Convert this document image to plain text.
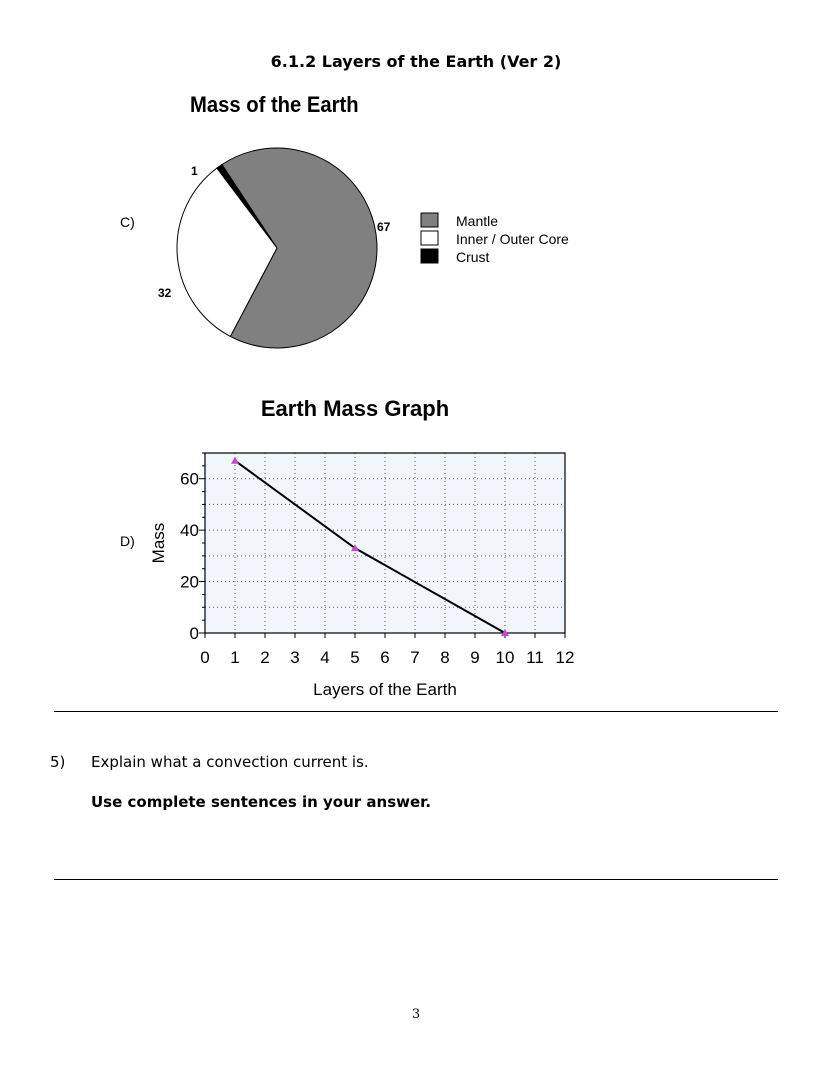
6.1.2 Layers of the Earth (Ver 2)
C)
Mass of the Earth
67
32
1
Mantle
Inner / Outer Core
Crust
D)
Earth Mass Graph
0 1 2 3 4 5 6 7 8 9 10 11 12
0
20
40
60
Layers of the Earth
Mass
5) Explain what a convection current is.
Use complete sentences in your answer.
3
